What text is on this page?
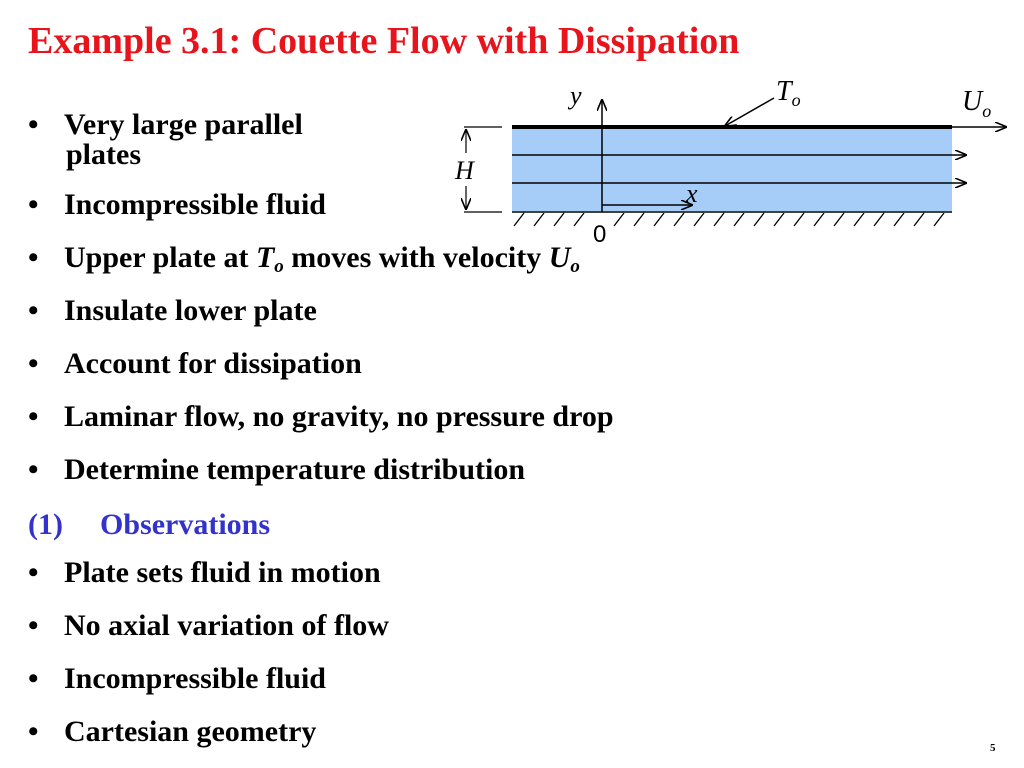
Example 3.1: Couette Flow with Dissipation
• Very large parallel
plates
• Incompressible fluid
• Upper plate at $T_o$ moves with velocity $U_o$
• Insulate lower plate
• Account for dissipation
• Laminar flow, no gravity, no pressure drop
• Determine temperature distribution
(1) Observations
• Plate sets fluid in motion
• No axial variation of flow
• Incompressible fluid
• Cartesian geometry
y	$T_o$	$U_o$
H
x
0
5
